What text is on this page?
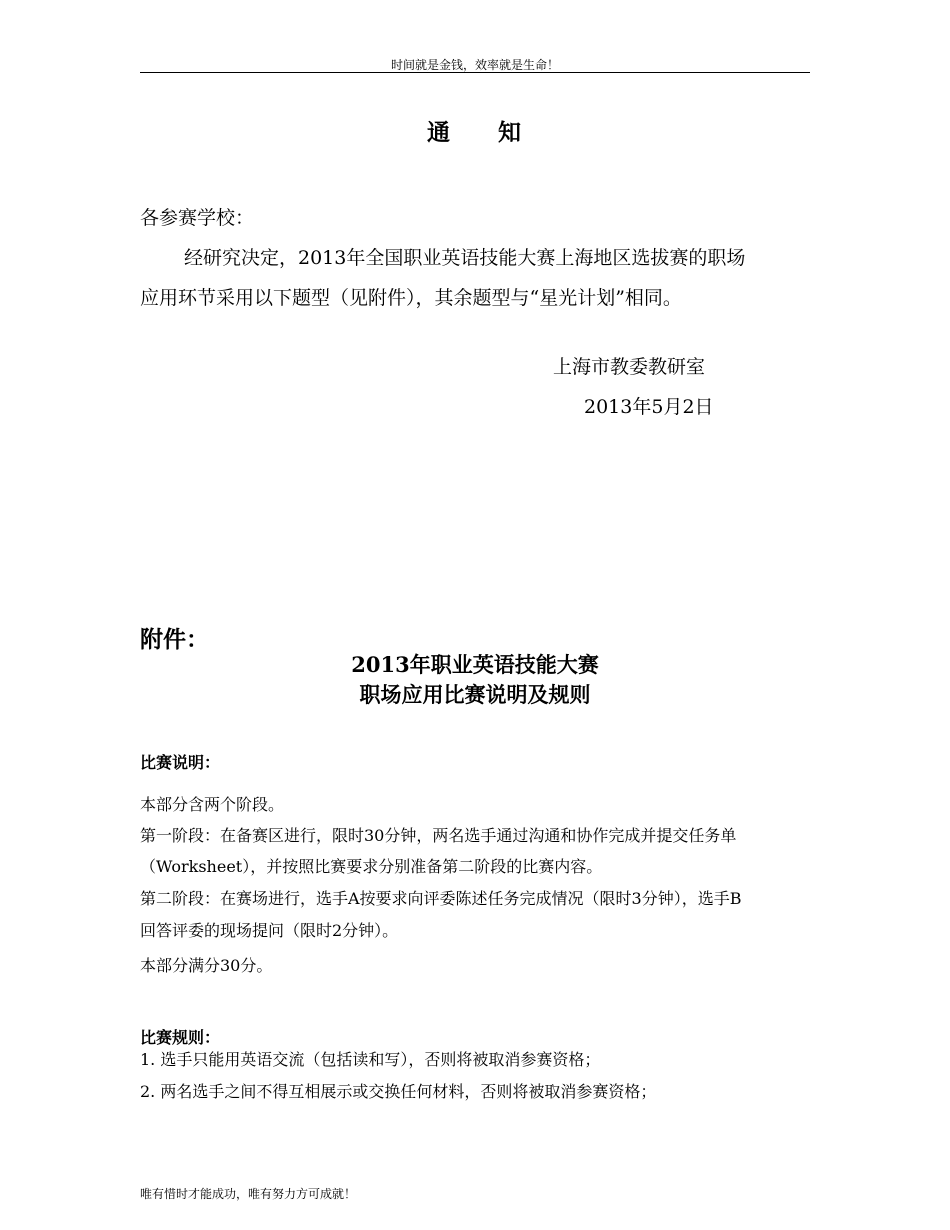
时间就是金钱，效率就是生命！
通 知
各参赛学校：
经研究决定，2013年全国职业英语技能大赛上海地区选拔赛的职场
应用环节采用以下题型（见附件），其余题型与“星光计划”相同。
上海市教委教研室
2013年5月2日
附件：
2013年职业英语技能大赛
职场应用比赛说明及规则
比赛说明：
本部分含两个阶段。
第一阶段：在备赛区进行，限时30分钟，两名选手通过沟通和协作完成并提交任务单
（Worksheet），并按照比赛要求分别准备第二阶段的比赛内容。
第二阶段：在赛场进行，选手A按要求向评委陈述任务完成情况（限时3分钟），选手B
回答评委的现场提问（限时2分钟）。
本部分满分30分。
比赛规则：
1. 选手只能用英语交流（包括读和写），否则将被取消参赛资格；
2. 两名选手之间不得互相展示或交换任何材料，否则将被取消参赛资格；
唯有惜时才能成功，唯有努力方可成就！
